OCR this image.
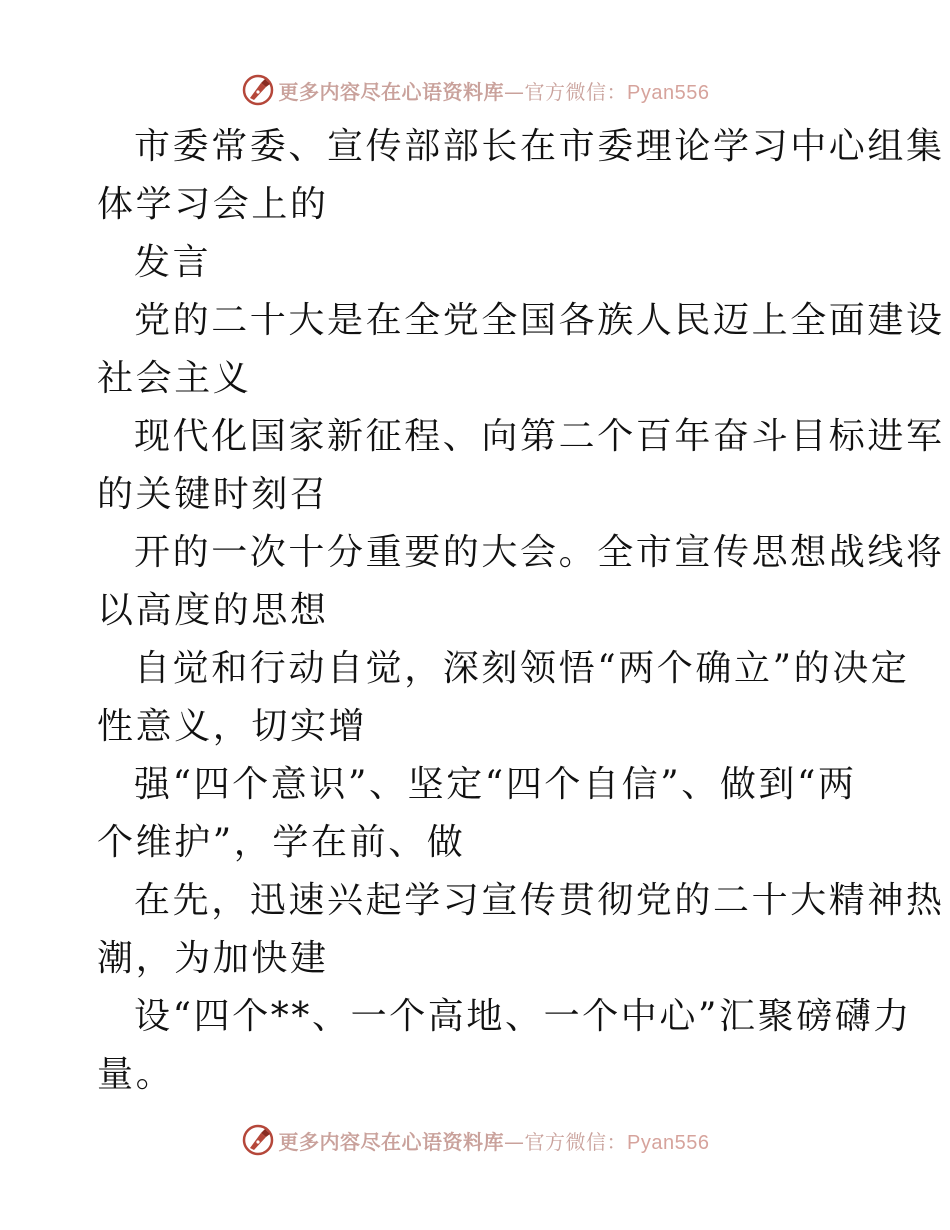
更多内容尽在心语资料库—官方微信：Pyan556
市委常委、宣传部部长在市委理论学习中心组集
体学习会上的
发言
党的二十大是在全党全国各族人民迈上全面建设
社会主义
现代化国家新征程、向第二个百年奋斗目标进军
的关键时刻召
开的一次十分重要的大会。全市宣传思想战线将
以高度的思想
自觉和行动自觉，深刻领悟“两个确立”的决定
性意义，切实增
强“四个意识”、坚定“四个自信”、做到“两
个维护”，学在前、做
在先，迅速兴起学习宣传贯彻党的二十大精神热
潮，为加快建
设“四个**、一个高地、一个中心”汇聚磅礴力
量。
更多内容尽在心语资料库—官方微信：Pyan556
